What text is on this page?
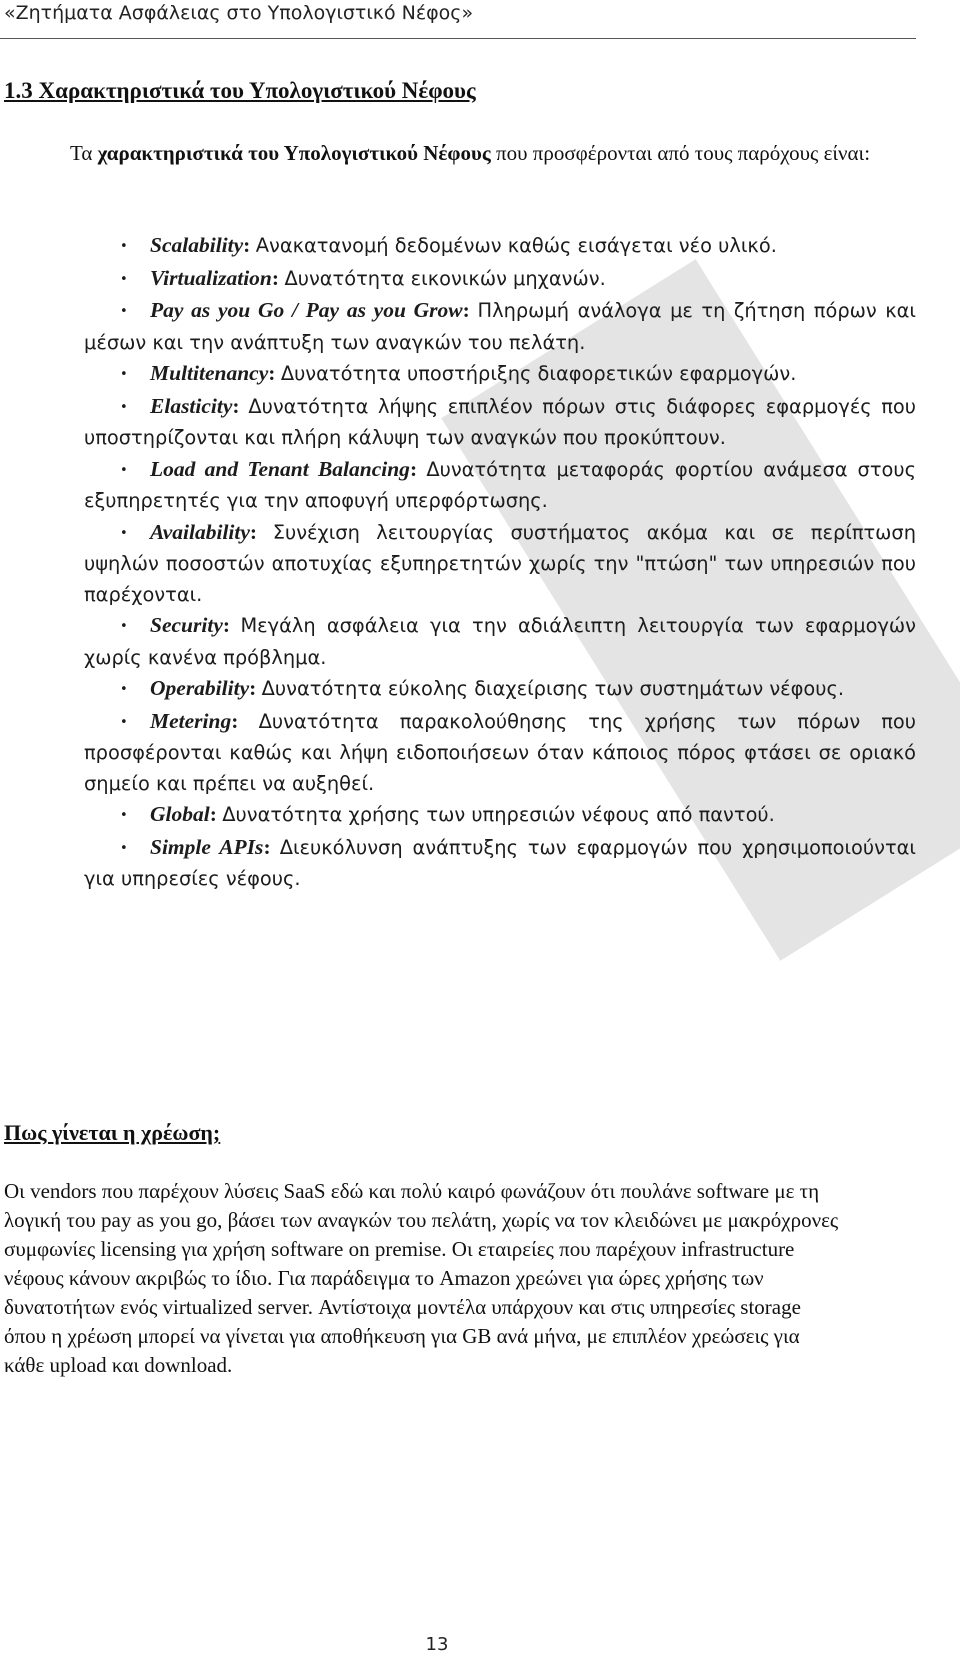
«Ζητήματα Ασφάλειας στο Υπολογιστικό Νέφος»
1.3 Χαρακτηριστικά του Υπολογιστικού Νέφους

Τα χαρακτηριστικά του Υπολογιστικού Νέφους που προσφέρονται από τους παρόχους είναι:

• Scalability: Ανακατανομή δεδομένων καθώς εισάγεται νέο υλικό.

• Virtualization: Δυνατότητα εικονικών μηχανών.

• Pay as you Go / Pay as you Grow: Πληρωμή ανάλογα με τη ζήτηση πόρων και μέσων και την ανάπτυξη των αναγκών του πελάτη.

• Multitenancy: Δυνατότητα υποστήριξης διαφορετικών εφαρμογών.

• Elasticity: Δυνατότητα λήψης επιπλέον πόρων στις διάφορες εφαρμογές που υποστηρίζονται και πλήρη κάλυψη των αναγκών που προκύπτουν.

• Load and Tenant Balancing: Δυνατότητα μεταφοράς φορτίου ανάμεσα στους εξυπηρετητές για την αποφυγή υπερφόρτωσης.

• Availability: Συνέχιση λειτουργίας συστήματος ακόμα και σε περίπτωση υψηλών ποσοστών αποτυχίας εξυπηρετητών χωρίς την "πτώση" των υπηρεσιών που παρέχονται.

• Security: Μεγάλη ασφάλεια για την αδιάλειπτη λειτουργία των εφαρμογών χωρίς κανένα πρόβλημα.

• Operability: Δυνατότητα εύκολης διαχείρισης των συστημάτων νέφους.

• Metering: Δυνατότητα παρακολούθησης της χρήσης των πόρων που προσφέρονται καθώς και λήψη ειδοποιήσεων όταν κάποιος πόρος φτάσει σε οριακό σημείο και πρέπει να αυξηθεί.

• Global: Δυνατότητα χρήσης των υπηρεσιών νέφους από παντού.

• Simple APIs: Διευκόλυνση ανάπτυξης των εφαρμογών που χρησιμοποιούνται για υπηρεσίες νέφους.

Πως γίνεται η χρέωση;

Οι vendors που παρέχουν λύσεις SaaS εδώ και πολύ καιρό φωνάζουν ότι πουλάνε software με τη λογική του pay as you go, βάσει των αναγκών του πελάτη, χωρίς να τον κλειδώνει με μακρόχρονες συμφωνίες licensing για χρήση software on premise. Οι εταιρείες που παρέχουν infrastructure νέφους κάνουν ακριβώς το ίδιο. Για παράδειγμα το Amazon χρεώνει για ώρες χρήσης των δυνατοτήτων ενός virtualized server. Αντίστοιχα μοντέλα υπάρχουν και στις υπηρεσίες storage όπου η χρέωση μπορεί να γίνεται για αποθήκευση για GB ανά μήνα, με επιπλέον χρεώσεις για κάθε upload και download.

13
